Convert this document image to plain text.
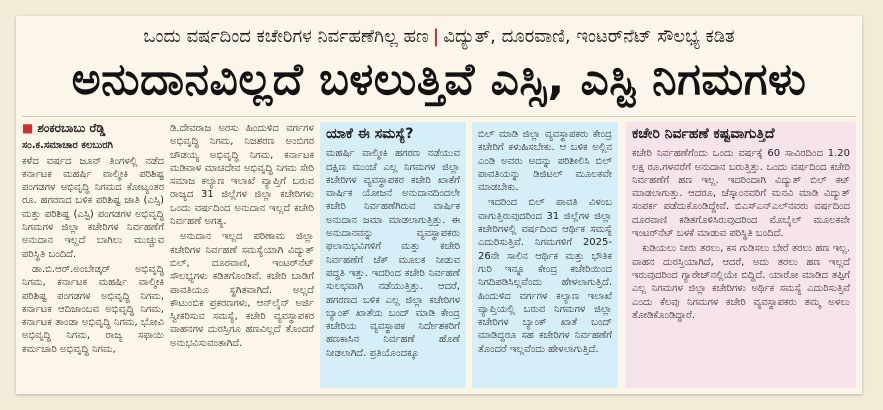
ಒಂದು ವರ್ಷದಿಂದ ಕಚೇರಿಗಳ ನಿರ್ವಹಣೆಗಿಲ್ಲ ಹಣ | ವಿದ್ಯುತ್, ದೂರವಾಣಿ, ಇಂಟರ್‌ನೆಟ್ ಸೌಲಭ್ಯ ಕಡಿತ
ಅನುದಾನವಿಲ್ಲದೆ ಬಳಲುತ್ತಿವೆ ಎಸ್ಸಿ, ಎಸ್ಟಿ ನಿಗಮಗಳು
■ ಶಂಕರಬಾಬು ರೆಡ್ಡಿ

ಸಂ.ಕ.ಸಮಾಚಾರ ಕಲಬುರಗಿ

ಕಳೆದ ವರ್ಷದ ಜೂನ್ ತಿಂಗಳಲ್ಲಿ ನಡೆದ ಕರ್ನಾಟಕ ಮಹರ್ಷಿ ವಾಲ್ಮೀಕಿ ಪರಿಶಿಷ್ಟ ಪಂಗಡಗಳ ಅಭಿವೃದ್ಧಿ ನಿಗಮದ ಕೋಟ್ಯಂತರ ರೂ. ಹಗರಣದ ಬಳಿಕ ಪರಿಶಿಷ್ಟ ಜಾತಿ (ಎಸ್ಸಿ) ಮತ್ತು ಪರಿಶಿಷ್ಟ (ಎಸ್ಟಿ) ಪಂಗಡಗಳ ಅಭಿವೃದ್ಧಿ ನಿಗಮಗಳ ಜಿಲ್ಲಾ ಕಚೇರಿಗಳ ನಿರ್ವಹಣೆಗೆ ಅನುದಾನ ಇಲ್ಲದೆ ಬಾಗಿಲು ಮುಚ್ಚುವ ಪರಿಸ್ಥಿತಿ ಬಂದಿದೆ.

ಡಾ.ಬಿ.ಆರ್.ಅಂಬೇಡ್ಕರ್ ಅಭಿವೃದ್ಧಿ ನಿಗಮ, ಕರ್ನಾಟಕ ಮಹರ್ಷಿ ವಾಲ್ಮೀಕಿ ಪರಿಶಿಷ್ಟ ಪಂಗಡಗಳ ಅಭಿವೃದ್ಧಿ ನಿಗಮ, ಕರ್ನಾಟಕ ಆದಿಜಾಂಬವ ಅಭಿವೃದ್ಧಿ ನಿಗಮ, ಕರ್ನಾಟಕ ತಾಂಡಾ ಅಭಿವೃದ್ಧಿ ನಿಗಮ, ಭೋವಿ ಅಭಿವೃದ್ಧಿ ನಿಗಮ, ರಾಜ್ಯ ಸಫಾಯಿ ಕರ್ಮಚಾರಿ ಅಭಿವೃದ್ಧಿ ನಿಗಮ,

ಡಿ.ದೇವರಾಜ ಅರಸು ಹಿಂದುಳಿದ ವರ್ಗಗಳ ಅಭಿವೃದ್ಧಿ ನಿಗಮ, ನಿಜಶರಣ ಅಂಬಿಗರ ಚೌಡಯ್ಯ ಅಭಿವೃದ್ಧಿ ನಿಗಮ, ಕರ್ನಾಟಕ ಮಡಿವಾಳ ಮಾಚಿದೇವ ಅಭಿವೃದ್ಧಿ ನಿಗಮ ಸೇರಿ ಸಮಾಜ ಕಲ್ಯಾಣ ಇಲಾಖೆ ವ್ಯಾಪ್ತಿಗೆ ಬರುವ ರಾಜ್ಯದ 31 ಜಿಲ್ಲೆಗಳ ಜಿಲ್ಲಾ ಕಚೇರಿಗಳು ಒಂದು ವರ್ಷದಿಂದ ಅನುದಾನ ಇಲ್ಲದೆ ಕಚೇರಿ ನಿರ್ವಹಣೆ ಅಗತ್ಯ.

ಅನುದಾನ ಇಲ್ಲದ ಪರಿಣಾಮ ಜಿಲ್ಲಾ ಕಚೇರಿಗಳ ನಿರ್ವಹಣೆ ಸಮಸ್ಯೆಯಾಗಿ ವಿದ್ಯುತ್ ಬಿಲ್, ದೂರವಾಣಿ, ಇಂಟರ್‌ನೆಟ್ ಸೌಲಭ್ಯಗಳು ಕಡಿತಗೊಂಡಿವೆ. ಕಚೇರಿ ಬಾಡಿಗೆ ಪಾವತಿಯೂ ಸ್ಥಗಿತವಾಗಿದೆ. ಅಲ್ಲದೆ ಕೌಟುಂಬಿಕ ಪ್ರಕರಣಗಳು, ಆನ್‌ಲೈನ್ ಅರ್ಜಿ ಸ್ವೀಕರಿಸುವ ಸಮಸ್ಯೆ, ಕಚೇರಿ ವ್ಯವಸ್ಥಾಪಕರ ವಾಹನಗಳ ದುರಸ್ತಿಗೂ ಹಣವಿಲ್ಲದೆ ತೊಂದರೆ ಅನುಭವಿಸುವಂತಾಗಿದೆ.

ಯಾಕೆ ಈ ಸಮಸ್ಯೆ?

ಮಹರ್ಷಿ ವಾಲ್ಮೀಕಿ ಹಗರಣ ನಡೆಯುವ ದಕ್ಷಿಣ ಮುಂಚೆ ಎಲ್ಲ ನಿಗಮಗಳ ಜಿಲ್ಲಾ ಕಚೇರಿಗಳ ವ್ಯವಸ್ಥಾಪಕರ ಕಚೇರಿ ಖಾತೆಗೆ ವಾರ್ಷಿಕ ಯೋಜನೆ ಅನುದಾನದಿಂದಲೇ ಕಚೇರಿ ನಿರ್ವಹಣೆಗಿರುವ ವಾರ್ಷಿಕ ಅನುದಾನ ಜಮಾ ಮಾಡಲಾಗುತ್ತಿತ್ತು. ಈ ಅನುದಾನವನ್ನು ವ್ಯವಸ್ಥಾಪಕರು ಫಲಾನುಭವಿಗಳಿಗೆ ಮತ್ತು ಕಚೇರಿ ನಿರ್ವಹಣೆಗೆ ಚೆಕ್ ಮೂಲಕ ನೀಡುವ ಪದ್ಧತಿ ಇತ್ತು. ಇದರಿಂದ ಕಚೇರಿ ನಿರ್ವಹಣೆ ಸುಲಭವಾಗಿ ನಡೆಯುತ್ತಿತ್ತು. ಆದರೆ, ಹಗರಣದ ಬಳಿಕ ಎಲ್ಲ ಜಿಲ್ಲಾ ಕಚೇರಿಗಳ ಬ್ಯಾಂಕ್ ಖಾತೆಯ ಬಂದ್ ಮಾಡಿ ಕೇಂದ್ರ ಕಚೇರಿಯ ವ್ಯವಸ್ಥಾಪಕ ನಿರ್ದೇಶಕರಿಗೆ ಹಣಕಾಸಿನ ನಿರ್ವಹಣೆ ಹೊಣೆ ನೀಡಲಾಗಿದೆ. ಪ್ರತಿಯೊಂದಕ್ಕೂ

ಬಿಲ್ ಮಾಡಿ ಜಿಲ್ಲಾ ವ್ಯವಸ್ಥಾಪಕರು ಕೇಂದ್ರ ಕಚೇರಿಗೆ ಕಳುಹಿಸಬೇಕು. ಆ ಬಳಿಕ ಅಲ್ಲಿನ ಎಂಡಿ ಅವರು ಅದನ್ನು ಪರಿಶೀಲಿಸಿ ಬಿಲ್ ಪಾವತಿಯನ್ನು ಡಿಜಿಟಲ್ ಮೂಲಕವೇ ಮಾಡಬೇಕು.

ಇದರಿಂದ ಬಿಲ್ ಪಾವತಿ ವಿಳಂಬ ವಾಗುತ್ತಿರುವುದರಿಂದ 31 ಜಿಲ್ಲೆಗಳ ಜಿಲ್ಲಾ ಕಚೇರಿಗಳಲ್ಲಿ ವರ್ಷದಿಂದ ಆರ್ಥಿಕ ಸಮಸ್ಯೆ ಎದುರಿಸುತ್ತಿವೆ. ನಿಗಮಗಳಿಗೆ 2025-26ನೇ ಸಾಲಿನ ಆರ್ಥಿಕ ಮತ್ತು ಭೌತಿಕ ಗುರಿ ಇನ್ನೂ ಕೇಂದ್ರ ಕಚೇರಿಯಿಂದ ನಿಗದಿಪಡಿಸಿಲ್ಲವೆಂದು ಹೇಳಲಾಗುತ್ತಿದೆ. ಹಿಂದುಳಿದ ವರ್ಗಗಳ ಕಲ್ಯಾಣ ಇಲಾಖೆ ವ್ಯಾಪ್ತಿಯಲ್ಲಿ ಬರುವ ನಿಗಮಗಳ ಜಿಲ್ಲಾ ಕಚೇರಿಗಳ ಬ್ಯಾಂಕ್ ಖಾತೆ ಬಂದ್ ಮಾಡಿದ್ದರೂ ಸಹ ಕಚೇರಿಗಳ ನಿರ್ವಹಣೆಗೆ ತೊಂದರೆ ಇಲ್ಲವೆಂದು ಹೇಳಲಾಗುತ್ತಿದೆ.

ಕಚೇರಿ ನಿರ್ವಹಣೆ ಕಷ್ಟವಾಗುತ್ತಿದೆ

ಕಚೇರಿ ನಿರ್ವಹಣೆಗೆಂದು ಒಂದು ವರ್ಷಕ್ಕೆ 60 ಸಾವಿರದಿಂದ 1.20 ಲಕ್ಷ ರೂ.ಗಳವರೆಗೆ ಅನುದಾನ ಬರುತ್ತಿತ್ತು. ಒಂದು ವರ್ಷದಿಂದ ಕಚೇರಿ ನಿರ್ವಹಣೆಗೆ ಹಣ ಇಲ್ಲ. ಇದರಿಂದಾಗಿ ವಿದ್ಯುತ್ ಬಿಲ್ ಕಟ್ ಮಾಡಲಾಗುತ್ತು. ಆದರೂ, ಜೆಸ್ಕಾಂನವರಿಗೆ ಮನವಿ ಮಾಡಿ ವಿದ್ಯುತ್ ಸಂಪರ್ಕ ಪಡೆದುಕೊಂಡಿದ್ದೇವೆ. ಬಿಎಸ್‌ಎನ್‌ಎಲ್‌ನವರು ವರ್ಷದಿಂದ ದೂರವಾಣಿ ಕಡಿತಗೊಳಿಸಿರುವುದರಿಂದ ಮೊಬೈಲ್ ಮೂಲಕವೇ ಇಂಟರ್‌ನೆಟ್ ಬಳಕೆ ಮಾಡುವ ಪರಿಸ್ಥಿತಿ ಬಂದಿದೆ.

ಕುಡಿಯಲು ನೀರು ತರಲು, ಕಸ ಗುಡಿಸಲು ಬೇರೆ ತರಲು ಹಣ ಇಲ್ಲ. ವಾಹನ ದುರಸ್ತಿಯಾಗಿದೆ, ಆದರೆ, ಅದು ತರಲು ಹಣ ಇಲ್ಲದೆ ಇರುವುದರಿಂದ ಗ್ಯಾರೇಜ್‌ನಲ್ಲಿಯೇ ಬಿದ್ದಿದೆ. ಯಾರೋ ಮಾಡಿದ ತಪ್ಪಿಗೆ ಎಲ್ಲ ನಿಗಮಗಳ ಜಿಲ್ಲಾ ಕಚೇರಿಗಳು ಅರ್ಥಿಕ ಸಮಸ್ಯೆ ಎದುರಿಸುತ್ತಿವೆ ಎಂದು ಕೆಲವು ನಿಗಮಗಳ ಕಚೇರಿ ವ್ಯವಸ್ಥಾಪಕರು ತಮ್ಮ ಅಳಲು ತೋಡಿಕೊಂಡಿದ್ದಾರೆ.
